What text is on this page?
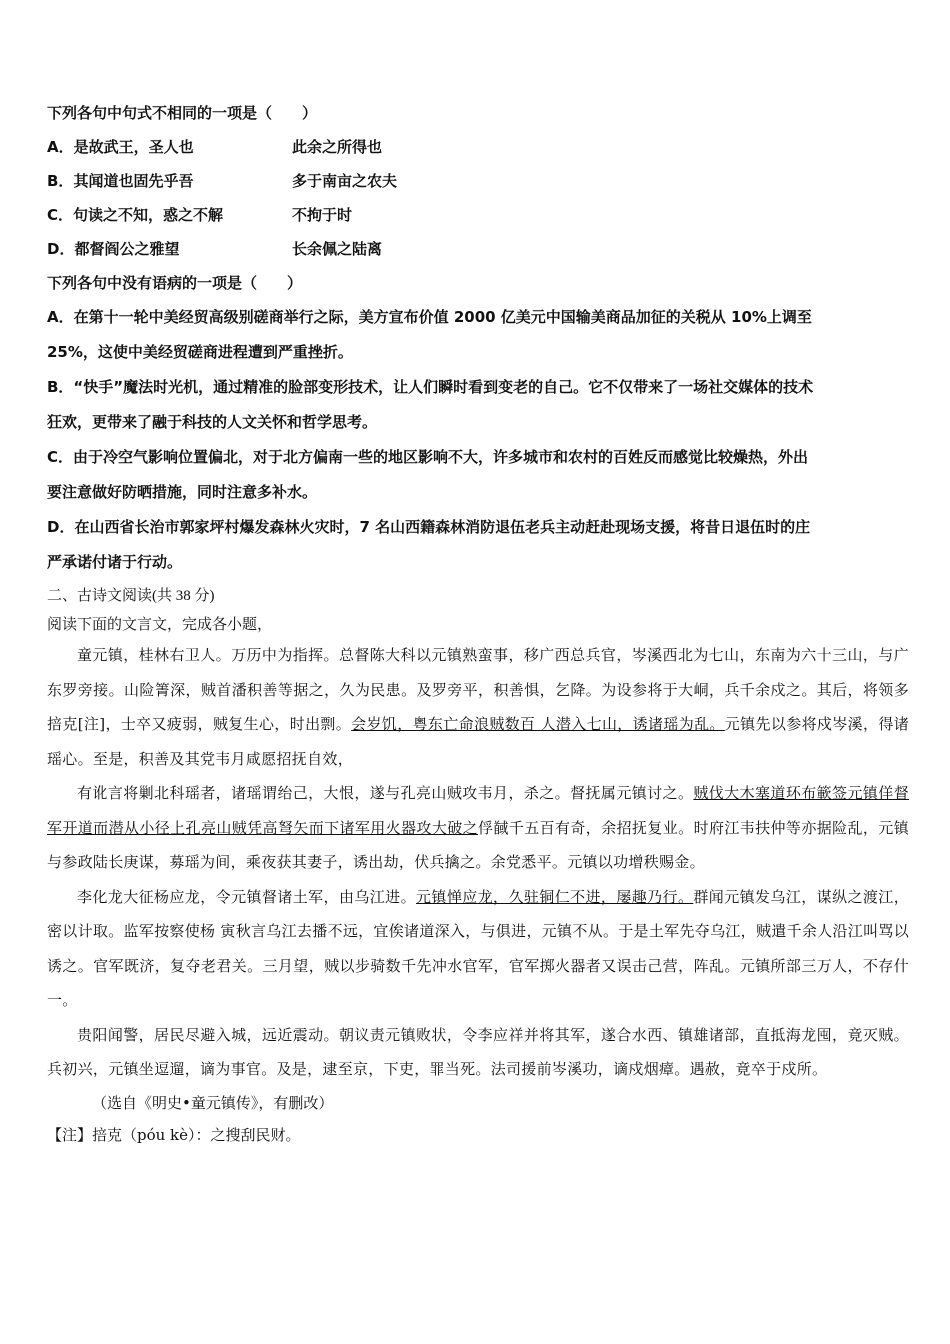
下列各句中句式不相同的一项是（　　）
A．是故武王，圣人也	此余之所得也
B．其闻道也固先乎吾	多于南亩之农夫
C．句读之不知，惑之不解	不拘于时
D．都督阎公之雅望	长余佩之陆离
下列各句中没有语病的一项是（　　）
A．在第十一轮中美经贸高级别磋商举行之际，美方宣布价值 2000 亿美元中国输美商品加征的关税从 10%上调至
25%，这使中美经贸磋商进程遭到严重挫折。
B．“快手”魔法时光机，通过精准的脸部变形技术，让人们瞬时看到变老的自己。它不仅带来了一场社交媒体的技术
狂欢，更带来了融于科技的人文关怀和哲学思考。
C．由于冷空气影响位置偏北，对于北方偏南一些的地区影响不大，许多城市和农村的百姓反而感觉比较燥热，外出
要注意做好防晒措施，同时注意多补水。
D．在山西省长治市郭家坪村爆发森林火灾时，7 名山西籍森林消防退伍老兵主动赶赴现场支援，将昔日退伍时的庄
严承诺付诸于行动。
二、古诗文阅读(共 38 分)
阅读下面的文言文，完成各小题，

童元镇，桂林右卫人。万历中为指挥。总督陈大科以元镇熟蛮事，移广西总兵官，岑溪西北为七山，东南为六十三山，与广东罗旁接。山险箐深，贼首潘积善等据之，久为民患。及罗旁平，积善惧，乞降。为设参将于大峒，兵千余戍之。其后，将领多掊克[注]，士卒又疲弱，贼复生心，时出剽。会岁饥，粤东亡命浪贼数百 人潜入七山，诱诸瑶为乱。元镇先以参将戍岑溪，得诸瑶心。至是，积善及其党韦月咸愿招抚自效，

有讹言将剿北科瑶者，诸瑶谓绐己，大恨，遂与孔亮山贼攻韦月，杀之。督抚属元镇讨之。贼伐大木塞道环布簐签元镇佯督军开道而潜从小径上孔亮山贼凭高弩矢而下诸军用火器攻大破之俘馘千五百有奇，余招抚复业。时府江韦扶仲等亦据险乱，元镇与参政陆长庚谋，募瑶为间，乘夜获其妻子，诱出劫，伏兵擒之。余党悉平。元镇以功增秩赐金。

李化龙大征杨应龙，令元镇督诸土军，由乌江进。元镇惮应龙，久驻铜仁不进，屡趣乃行。群闻元镇发乌江，谋纵之渡江，密以计取。监军按察使杨 寅秋言乌江去播不远，宜俟诸道深入，与俱进，元镇不从。于是土军先夺乌江，贼遣千余人沿江叫骂以诱之。官军既济，复夺老君关。三月望，贼以步骑数千先冲水官军，官军掷火器者又误击己营，阵乱。元镇所部三万人，不存什一。

贵阳闻警，居民尽避入城，远近震动。朝议责元镇败状，令李应祥并将其军，遂合水西、镇雄诸部，直抵海龙囤，竟灭贼。兵初兴，元镇坐逗遛，谪为事官。及是，逮至京，下吏，罪当死。法司援前岑溪功，谪戍烟瘴。遇赦，竟卒于戍所。

（选自《明史•童元镇传》，有删改）
【注】掊克（póu kè）：之搜刮民财。
